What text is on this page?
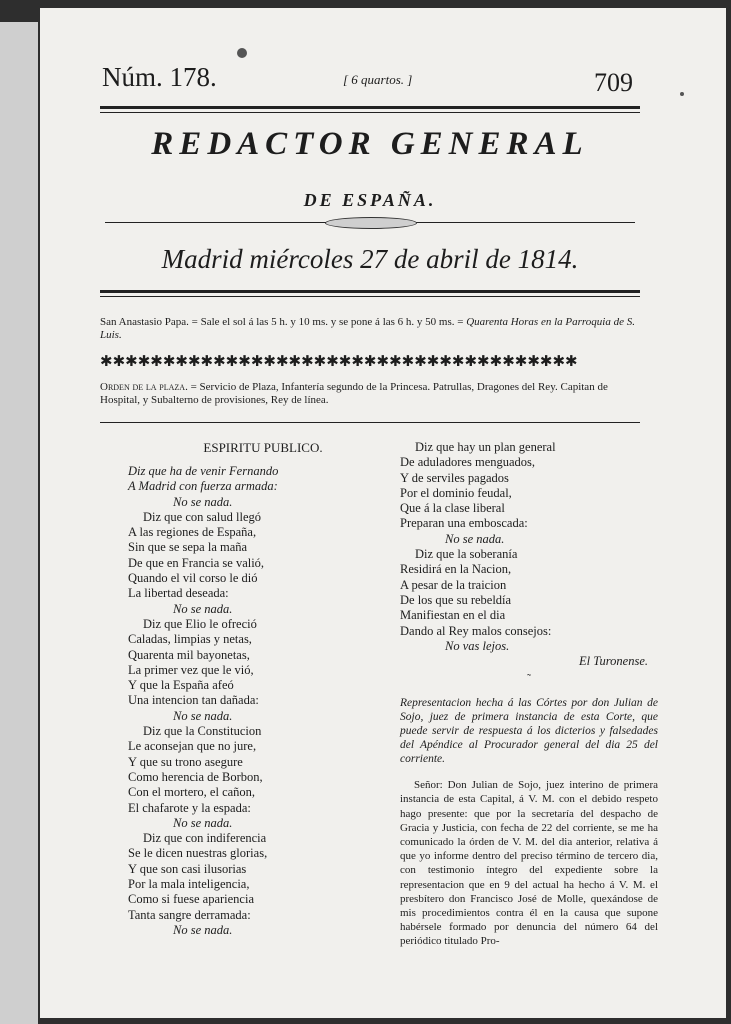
Núm. 178.	[ 6 quartos. ]	709
REDACTOR GENERAL
DE ESPAÑA.
Madrid miércoles 27 de abril de 1814.
San Anastasio Papa. = Sale el sol á las 5 h. y 10 ms. y se pone á las 6 h. y 50 ms. = Quarenta Horas en la Parroquia de S. Luis.
✱✱✱✱✱✱✱✱✱✱✱✱✱✱✱✱✱✱✱✱✱✱✱✱✱✱✱✱✱✱✱✱✱✱✱✱✱✱
Orden de la plaza. = Servicio de Plaza, Infantería segundo de la Princesa. Patrullas, Dragones del Rey. Capitan de Hospital, y Subalterno de provisiones, Rey de línea.
ESPIRITU PUBLICO.
Diz que ha de venir Fernando
A Madrid con fuerza armada:
No se nada.
Diz que con salud llegó
A las regiones de España,
Sin que se sepa la maña
De que en Francia se valió,
Quando el vil corso le dió
La libertad deseada:
No se nada.
Diz que Elio le ofreció
Caladas, limpias y netas,
Quarenta mil bayonetas,
La primer vez que le vió,
Y que la España afeó
Una intencion tan dañada:
No se nada.
Diz que la Constitucion
Le aconsejan que no jure,
Y que su trono asegure
Como herencia de Borbon,
Con el mortero, el cañon,
El chafarote y la espada:
No se nada.
Diz que con indiferencia
Se le dicen nuestras glorias,
Y que son casi ilusorias
Por la mala inteligencia,
Como si fuese apariencia
Tanta sangre derramada:
No se nada.
Diz que hay un plan general
De aduladores menguados,
Y de serviles pagados
Por el dominio feudal,
Que á la clase liberal
Preparan una emboscada:
No se nada.
Diz que la soberanía
Residirá en la Nacion,
A pesar de la traicion
De los que su rebeldía
Manifiestan en el dia
Dando al Rey malos consejos:
No vas lejos.
El Turonense.
˜
Representacion hecha á las Córtes por don Julian de Sojo, juez de primera instancia de esta Corte, que puede servir de respuesta á los dicterios y falsedades del Apéndice al Procurador general del dia 25 del corriente.
Señor: Don Julian de Sojo, juez interino de primera instancia de esta Capital, á V. M. con el debido respeto hago presente: que por la secretaría del despacho de Gracia y Justicia, con fecha de 22 del corriente, se me ha comunicado la órden de V. M. del dia anterior, relativa á que yo informe dentro del preciso término de tercero dia, con testimonio íntegro del expediente sobre la representacion que en 9 del actual ha hecho á V. M. el presbítero don Francisco José de Molle, quexándose de mis procedimientos contra él en la causa que supone habérsele formado por denuncia del número 64 del periódico titulado Pro-
